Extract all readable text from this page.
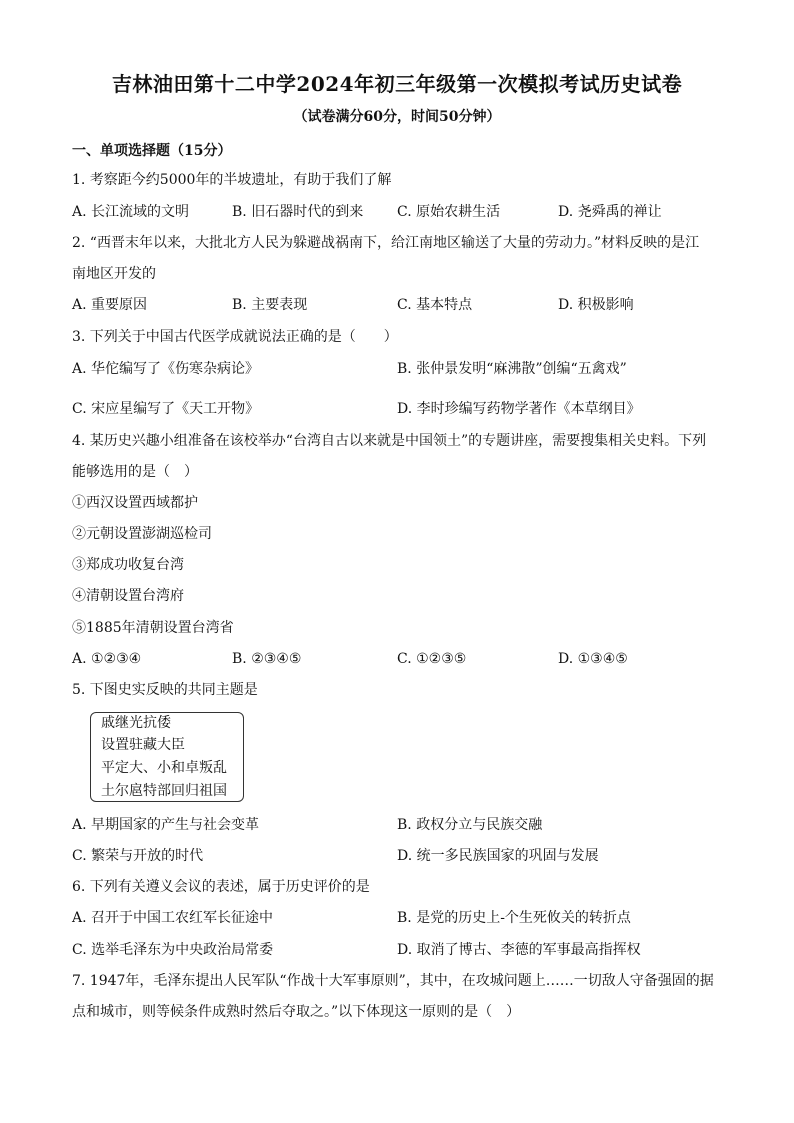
吉林油田第十二中学2024年初三年级第一次模拟考试历史试卷
（试卷满分60分，时间50分钟）
一、单项选择题（15分）
1. 考察距今约5000年的半坡遗址，有助于我们了解
A. 长江流域的文明	B. 旧石器时代的到来 C. 原始农耕生活	D. 尧舜禹的禅让
2. “西晋末年以来，大批北方人民为躲避战祸南下，给江南地区输送了大量的劳动力。”材料反映的是江
南地区开发的
A. 重要原因	B. 主要表现	C. 基本特点	D. 积极影响
3. 下列关于中国古代医学成就说法正确的是（　　）
A. 华佗编写了《伤寒杂病论》	B. 张仲景发明“麻沸散”创编“五禽戏”
C. 宋应星编写了《天工开物》	D. 李时珍编写药物学著作《本草纲目》
4. 某历史兴趣小组准备在该校举办“台湾自古以来就是中国领土”的专题讲座，需要搜集相关史料。下列
能够选用的是（　）
①西汉设置西域都护
②元朝设置澎湖巡检司
③郑成功收复台湾
④清朝设置台湾府
⑤1885年清朝设置台湾省
A. ①②③④	B. ②③④⑤	C. ①②③⑤	D. ①③④⑤
5. 下图史实反映的共同主题是
戚继光抗倭
设置驻藏大臣
平定大、小和卓叛乱
土尔扈特部回归祖国
A. 早期国家的产生与社会变革	B. 政权分立与民族交融
C. 繁荣与开放的时代	D. 统一多民族国家的巩固与发展
6. 下列有关遵义会议的表述，属于历史评价的是
A. 召开于中国工农红军长征途中	B. 是党的历史上-个生死攸关的转折点
C. 选举毛泽东为中央政治局常委	D. 取消了博古、李德的军事最高指挥权
7. 1947年，毛泽东提出人民军队“作战十大军事原则”，其中，在攻城问题上……一切敌人守备强固的据
点和城市，则等候条件成熟时然后夺取之。”以下体现这一原则的是（　）
